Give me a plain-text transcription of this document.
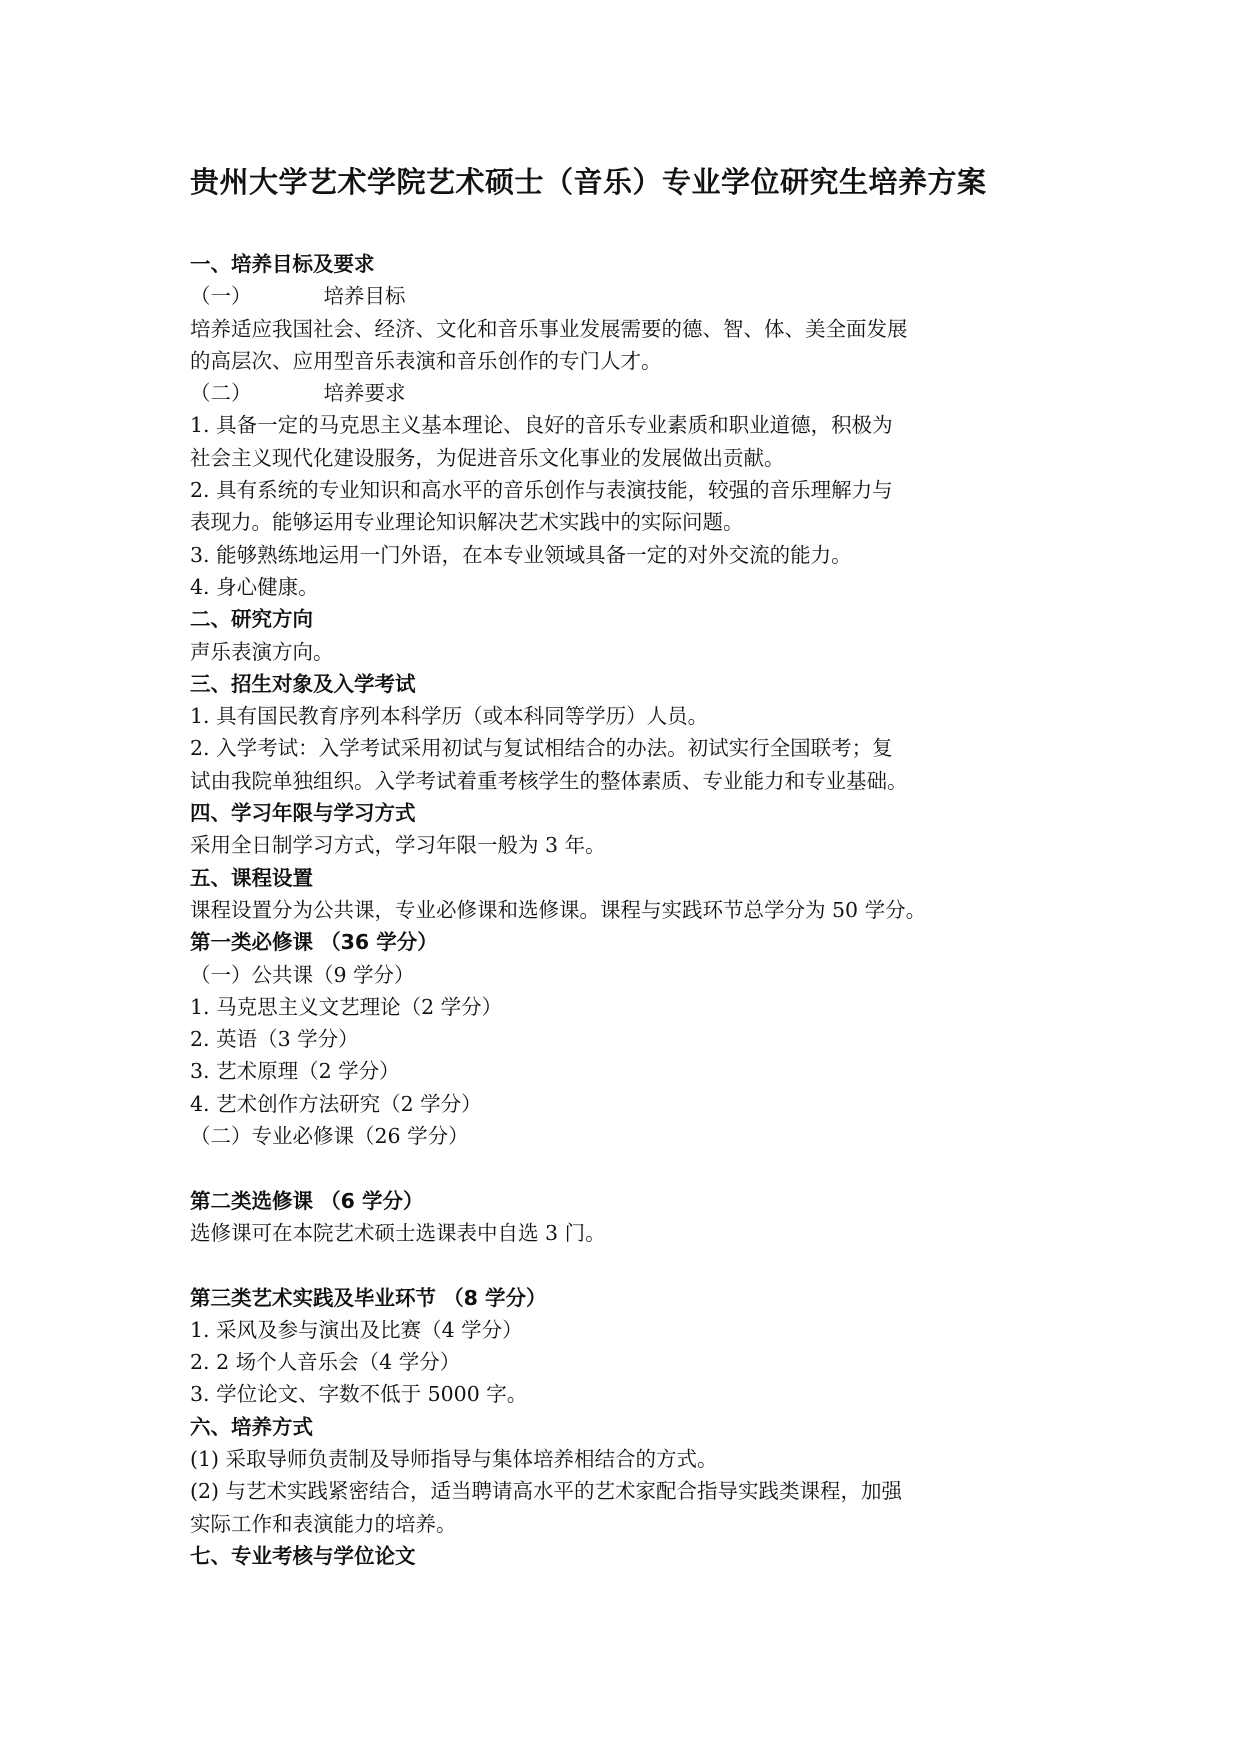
贵州大学艺术学院艺术硕士（音乐）专业学位研究生培养方案
一、培养目标及要求
（一）	培养目标
培养适应我国社会、经济、文化和音乐事业发展需要的德、智、体、美全面发展
的高层次、应用型音乐表演和音乐创作的专门人才。
（二）	培养要求
1. 具备一定的马克思主义基本理论、良好的音乐专业素质和职业道德，积极为
社会主义现代化建设服务，为促进音乐文化事业的发展做出贡献。
2. 具有系统的专业知识和高水平的音乐创作与表演技能，较强的音乐理解力与
表现力。能够运用专业理论知识解决艺术实践中的实际问题。
3. 能够熟练地运用一门外语，在本专业领域具备一定的对外交流的能力。
4. 身心健康。
二、研究方向
声乐表演方向。
三、招生对象及入学考试
1. 具有国民教育序列本科学历（或本科同等学历）人员。
2. 入学考试：入学考试采用初试与复试相结合的办法。初试实行全国联考；复
试由我院单独组织。入学考试着重考核学生的整体素质、专业能力和专业基础。
四、学习年限与学习方式
采用全日制学习方式，学习年限一般为 3 年。
五、课程设置
课程设置分为公共课，专业必修课和选修课。课程与实践环节总学分为 50 学分。
第一类必修课 （36 学分）
（一）公共课（9 学分）
1. 马克思主义文艺理论（2 学分）
2. 英语（3 学分）
3. 艺术原理（2 学分）
4. 艺术创作方法研究（2 学分）
（二）专业必修课（26 学分）
第二类选修课 （6 学分）
选修课可在本院艺术硕士选课表中自选 3 门。
第三类艺术实践及毕业环节 （8 学分）
1. 采风及参与演出及比赛（4 学分）
2. 2 场个人音乐会（4 学分）
3. 学位论文、字数不低于 5000 字。
六、培养方式
(1) 采取导师负责制及导师指导与集体培养相结合的方式。
(2) 与艺术实践紧密结合，适当聘请高水平的艺术家配合指导实践类课程，加强
实际工作和表演能力的培养。
七、专业考核与学位论文
